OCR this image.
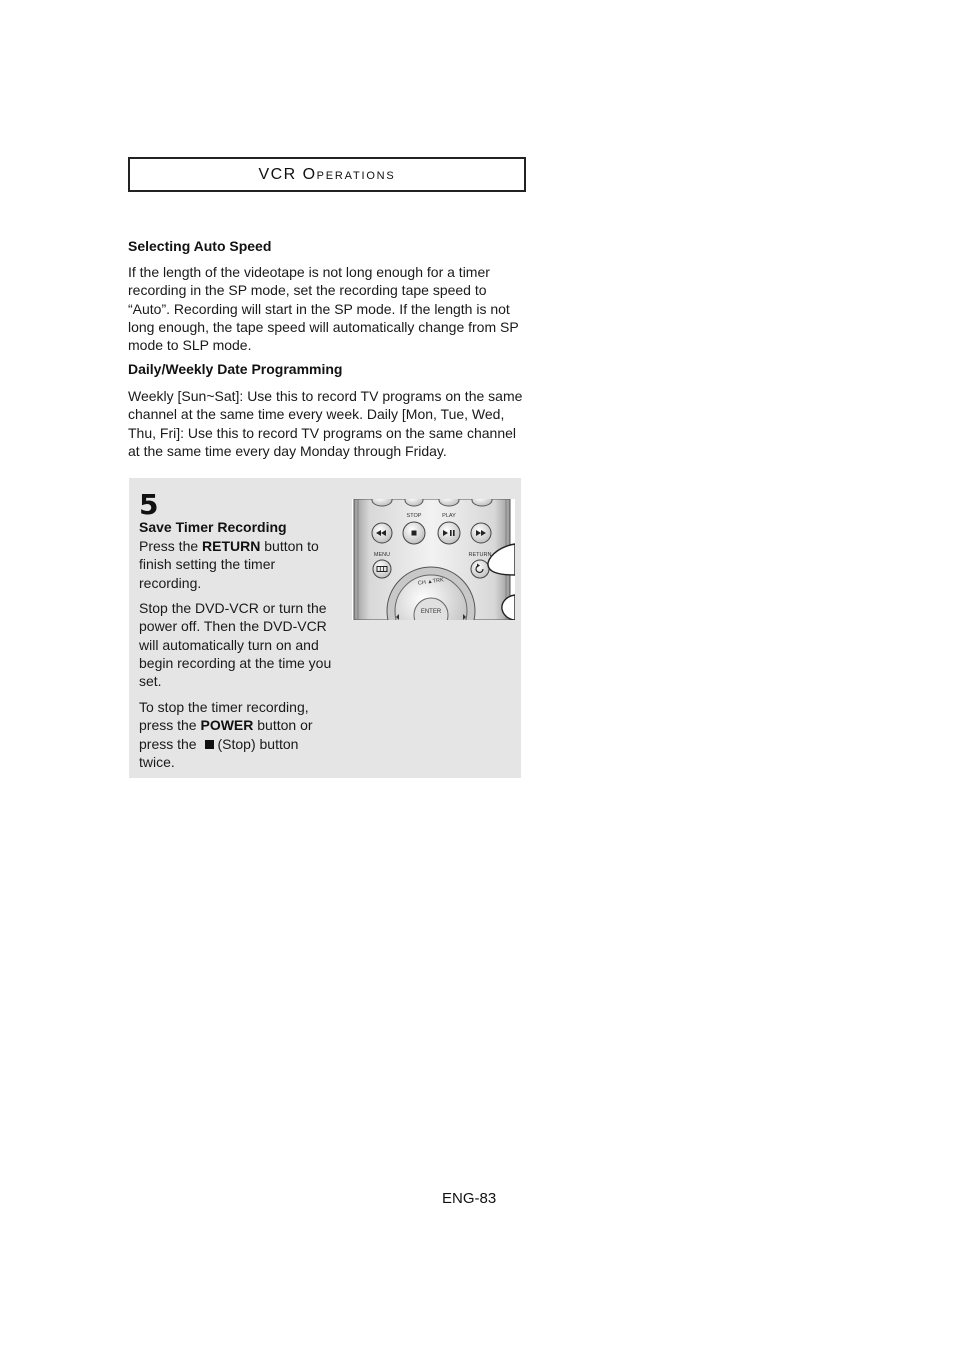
VCR OPERATIONS
Selecting Auto Speed
If the length of the videotape is not long enough for a timer recording in the SP mode, set the recording tape speed to “Auto”. Recording will start in the SP mode. If the length is not long enough, the tape speed will automatically change from SP mode to SLP mode.
Daily/Weekly Date Programming
Weekly [Sun~Sat]: Use this to record TV programs on the same channel at the same time every week. Daily [Mon, Tue, Wed, Thu, Fri]: Use this to record TV programs on the same channel at the same time every day Monday through Friday.
5
Save Timer Recording
Press the RETURN button to finish setting the timer recording.
Stop the DVD-VCR or turn the power off. Then the DVD-VCR will automatically turn on and begin recording at the time you set.
To stop the timer recording, press the POWER button or press the (Stop) button twice.
STOP	PLAY
MENU	RETURN
CH ▲TRK
ENTER
ENG-83
